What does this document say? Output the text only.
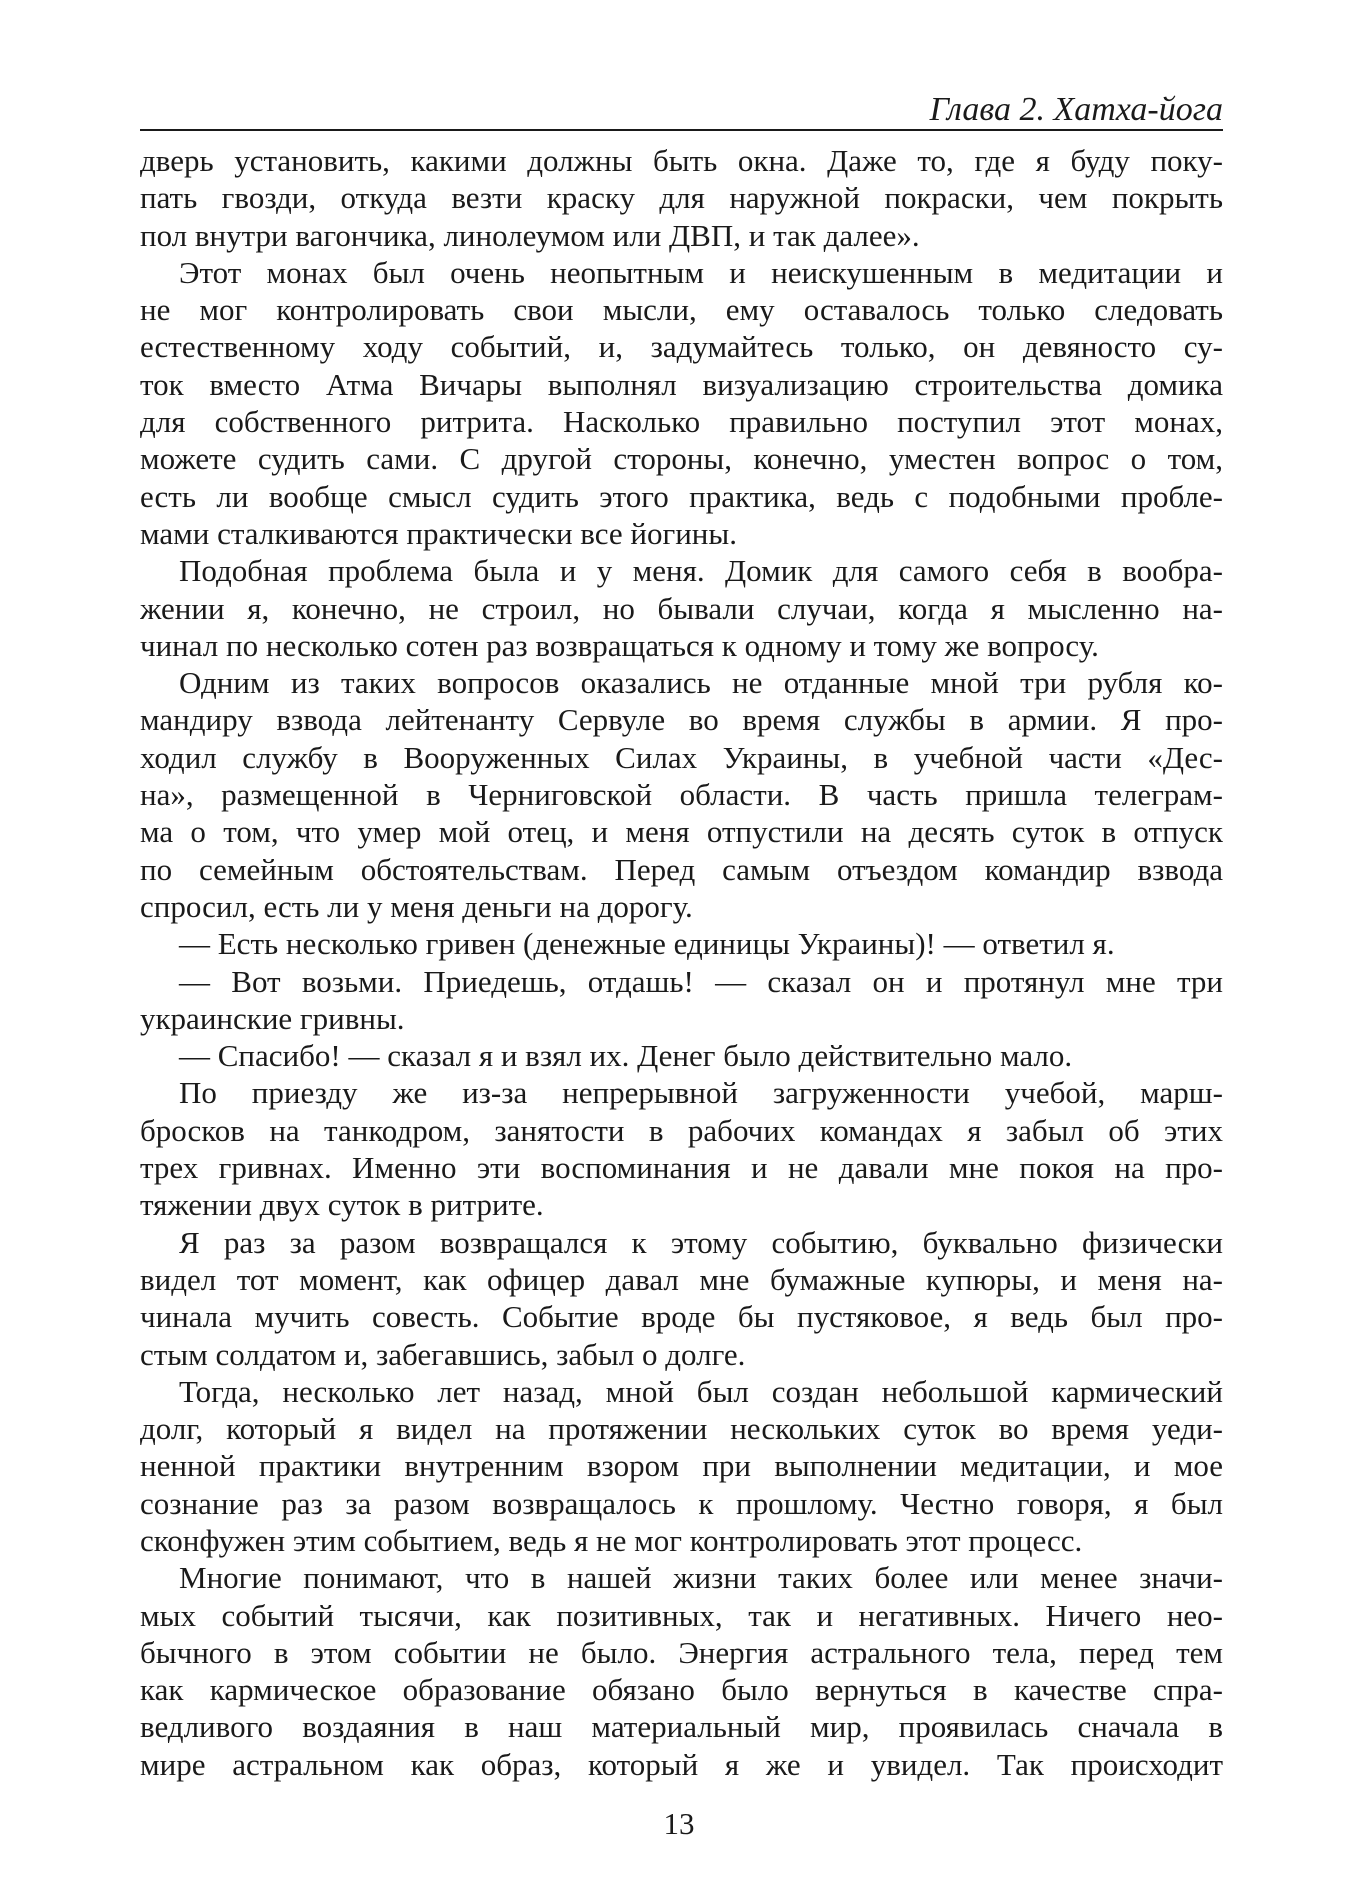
Глава 2. Хатха-йога
дверь установить, какими должны быть окна. Даже то, где я буду поку-
пать гвозди, откуда везти краску для наружной покраски, чем покрыть
пол внутри вагончика, линолеумом или ДВП, и так далее».
Этот монах был очень неопытным и неискушенным в медитации и
не мог контролировать свои мысли, ему оставалось только следовать
естественному ходу событий, и, задумайтесь только, он девяносто су-
ток вместо Атма Вичары выполнял визуализацию строительства домика
для собственного ритрита. Насколько правильно поступил этот монах,
можете судить сами. С другой стороны, конечно, уместен вопрос о том,
есть ли вообще смысл судить этого практика, ведь с подобными пробле-
мами сталкиваются практически все йогины.
Подобная проблема была и у меня. Домик для самого себя в вообра-
жении я, конечно, не строил, но бывали случаи, когда я мысленно на-
чинал по несколько сотен раз возвращаться к одному и тому же вопросу.
Одним из таких вопросов оказались не отданные мной три рубля ко-
мандиру взвода лейтенанту Сервуле во время службы в армии. Я про-
ходил службу в Вооруженных Силах Украины, в учебной части «Дес-
на», размещенной в Черниговской области. В часть пришла телеграм-
ма о том, что умер мой отец, и меня отпустили на десять суток в отпуск
по семейным обстоятельствам. Перед самым отъездом командир взвода
спросил, есть ли у меня деньги на дорогу.
— Есть несколько гривен (денежные единицы Украины)! — ответил я.
— Вот возьми. Приедешь, отдашь! — сказал он и протянул мне три
украинские гривны.
— Спасибо! — сказал я и взял их. Денег было действительно мало.
По приезду же из-за непрерывной загруженности учебой, марш-
бросков на танкодром, занятости в рабочих командах я забыл об этих
трех гривнах. Именно эти воспоминания и не давали мне покоя на про-
тяжении двух суток в ритрите.
Я раз за разом возвращался к этому событию, буквально физически
видел тот момент, как офицер давал мне бумажные купюры, и меня на-
чинала мучить совесть. Событие вроде бы пустяковое, я ведь был про-
стым солдатом и, забегавшись, забыл о долге.
Тогда, несколько лет назад, мной был создан небольшой кармический
долг, который я видел на протяжении нескольких суток во время уеди-
ненной практики внутренним взором при выполнении медитации, и мое
сознание раз за разом возвращалось к прошлому. Честно говоря, я был
сконфужен этим событием, ведь я не мог контролировать этот процесс.
Многие понимают, что в нашей жизни таких более или менее значи-
мых событий тысячи, как позитивных, так и негативных. Ничего нео-
бычного в этом событии не было. Энергия астрального тела, перед тем
как кармическое образование обязано было вернуться в качестве спра-
ведливого воздаяния в наш материальный мир, проявилась сначала в
мире астральном как образ, который я же и увидел. Так происходит
13
